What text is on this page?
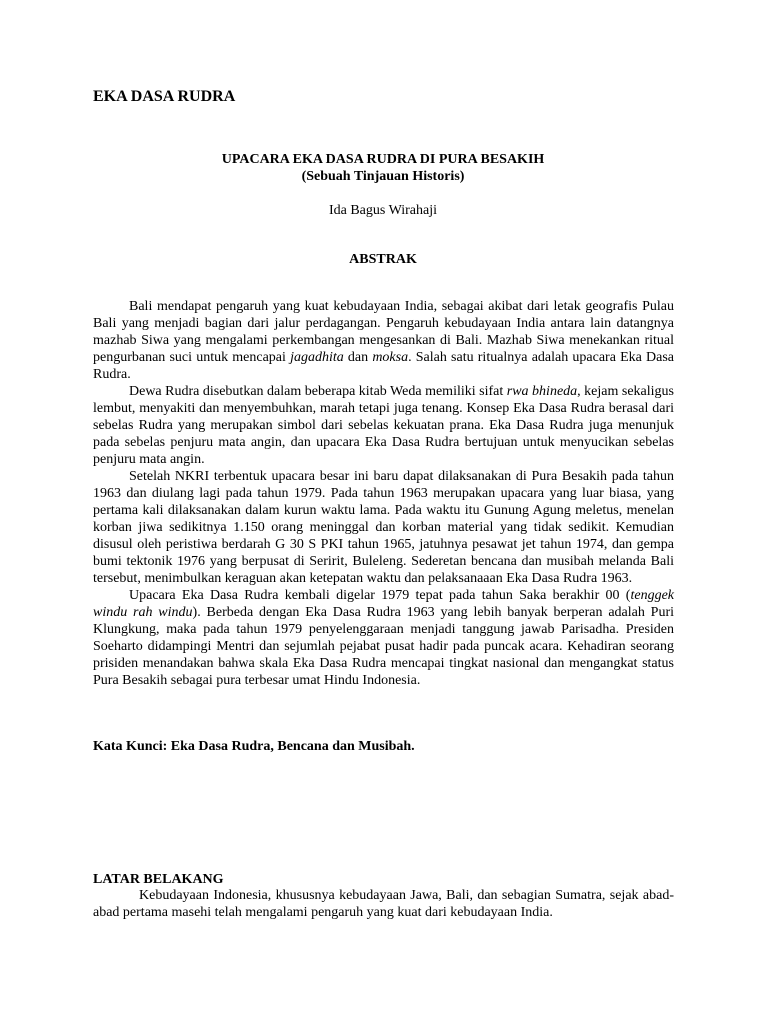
EKA DASA RUDRA
UPACARA EKA DASA RUDRA DI PURA BESAKIH
(Sebuah Tinjauan Historis)

Ida Bagus Wirahaji

ABSTRAK

Bali mendapat pengaruh yang kuat kebudayaan India, sebagai akibat dari letak geografis Pulau Bali yang menjadi bagian dari jalur perdagangan. Pengaruh kebudayaan India antara lain datangnya mazhab Siwa yang mengalami perkembangan mengesankan di Bali. Mazhab Siwa menekankan ritual pengurbanan suci untuk mencapai jagadhita dan moksa. Salah satu ritualnya adalah upacara Eka Dasa Rudra.

Dewa Rudra disebutkan dalam beberapa kitab Weda memiliki sifat rwa bhineda, kejam sekaligus lembut, menyakiti dan menyembuhkan, marah tetapi juga tenang. Konsep Eka Dasa Rudra berasal dari sebelas Rudra yang merupakan simbol dari sebelas kekuatan prana. Eka Dasa Rudra juga menunjuk pada sebelas penjuru mata angin, dan upacara Eka Dasa Rudra bertujuan untuk menyucikan sebelas penjuru mata angin.

Setelah NKRI terbentuk upacara besar ini baru dapat dilaksanakan di Pura Besakih pada tahun 1963 dan diulang lagi pada tahun 1979. Pada tahun 1963 merupakan upacara yang luar biasa, yang pertama kali dilaksanakan dalam kurun waktu lama. Pada waktu itu Gunung Agung meletus, menelan korban jiwa sedikitnya 1.150 orang meninggal dan korban material yang tidak sedikit. Kemudian disusul oleh peristiwa berdarah G 30 S PKI tahun 1965, jatuhnya pesawat jet tahun 1974, dan gempa bumi tektonik 1976 yang berpusat di Seririt, Buleleng. Sederetan bencana dan musibah melanda Bali tersebut, menimbulkan keraguan akan ketepatan waktu dan pelaksanaaan Eka Dasa Rudra 1963.

Upacara Eka Dasa Rudra kembali digelar 1979 tepat pada tahun Saka berakhir 00 (tenggek windu rah windu). Berbeda dengan Eka Dasa Rudra 1963 yang lebih banyak berperan adalah Puri Klungkung, maka pada tahun 1979 penyelenggaraan menjadi tanggung jawab Parisadha. Presiden Soeharto didampingi Mentri dan sejumlah pejabat pusat hadir pada puncak acara. Kehadiran seorang prisiden menandakan bahwa skala Eka Dasa Rudra mencapai tingkat nasional dan mengangkat status Pura Besakih sebagai pura terbesar umat Hindu Indonesia.

Kata Kunci: Eka Dasa Rudra, Bencana dan Musibah.

LATAR BELAKANG

Kebudayaan Indonesia, khususnya kebudayaan Jawa, Bali, dan sebagian Sumatra, sejak abad-abad pertama masehi telah mengalami pengaruh yang kuat dari kebudayaan India.
